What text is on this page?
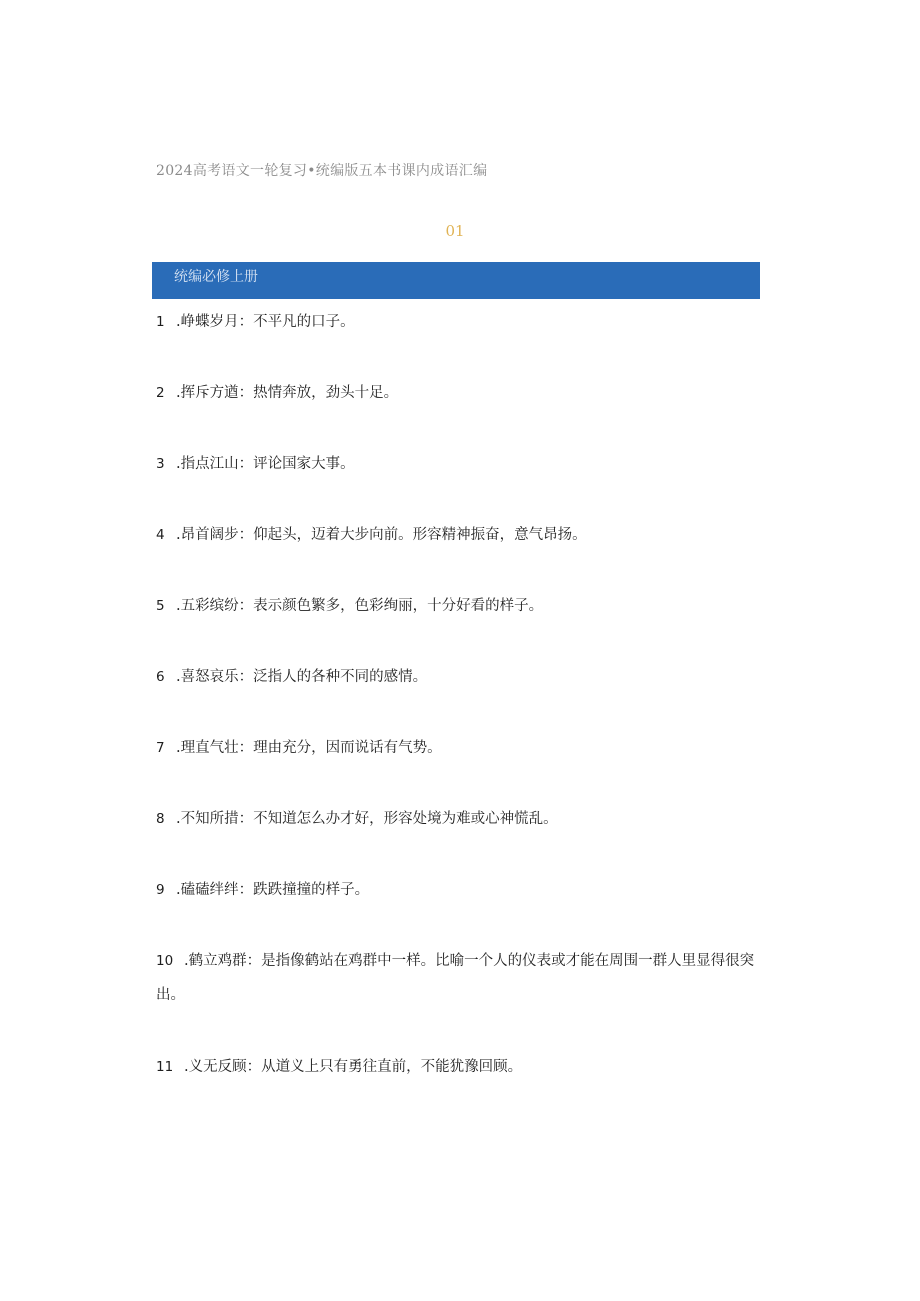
2024高考语文一轮复习•统编版五本书课内成语汇编
01
统编必修上册
1 .峥蝶岁月：不平凡的口子。
2 .挥斥方遒：热情奔放，劲头十足。
3 .指点江山：评论国家大事。
4 .昂首阔步：仰起头，迈着大步向前。形容精神振奋，意气昂扬。
5 .五彩缤纷：表示颜色繁多，色彩绚丽，十分好看的样子。
6 .喜怒哀乐：泛指人的各种不同的感情。
7 .理直气壮：理由充分，因而说话有气势。
8 .不知所措：不知道怎么办才好，形容处境为难或心神慌乱。
9 .磕磕绊绊：跌跌撞撞的样子。
10 .鹤立鸡群：是指像鹤站在鸡群中一样。比喻一个人的仪表或才能在周围一群人里显得很突出。
11 .义无反顾：从道义上只有勇往直前，不能犹豫回顾。
